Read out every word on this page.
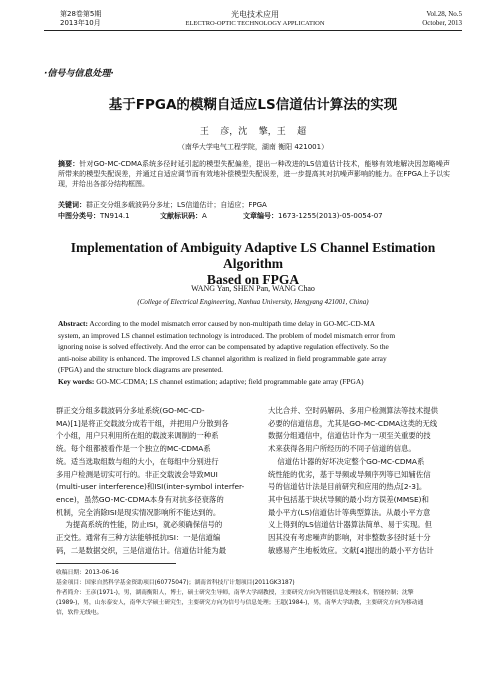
第28卷第5期
2013年10月
光电技术应用
ELECTRO-OPTIC TECHNOLOGY APPLICATION
Vol.28, No.5
October, 2013
·信号与信息处理·
基于FPGA的模糊自适应LS信道估计算法的实现
王    彦，沈    擎，王    超
（南华大学电气工程学院，湖南 衡阳 421001）
摘要：针对GO-MC-CDMA系统多径时延引起的模型失配偏差，提出一种改进的LS信道估计技术，能够有效地解决因忽略噪声所带来的模型失配误差，并通过自适应调节而有效地补偿模型失配误差，进一步提高其对抗噪声影响的能力。在FPGA上予以实现，并给出各部分结构框图。
关键词：群正交分组多载波码分多址；LS信道估计；自适应；FPGA
中图分类号：TN914.1	文献标识码：A	文章编号：1673-1255(2013)-05-0054-07
Implementation of Ambiguity Adaptive LS Channel Estimation Algorithm
Based on FPGA
WANG Yan, SHEN Pan, WANG Chao
(College of Electrical Engineering, Nanhua University, Hengyang 421001, China)
Abstract: According to the model mismatch error caused by non-multipath time delay in GO-MC-CD-MA
system, an improved LS channel estimation technology is introduced. The problem of model mismatch error from
ignoring noise is solved effectively. And the error can be compensated by adaptive regulation effectively. So the
anti-noise ability is enhanced. The improved LS channel algorithm is realized in field programmable gate array
(FPGA) and the structure block diagrams are presented.
Key words: GO-MC-CDMA; LS channel estimation; adaptive; field programmable gate array (FPGA)
群正交分组多载波码分多址系统(GO-MC-CD-
MA)[1]是将正交载波分成若干组，并把用户分散到各
个小组，用户只利用所在组的载波来调制的一种系
统。每个组都被看作是一个独立的MC-CDMA系
统。适当选取组数与组的大小，在每组中分别进行
多用户检测是切实可行的。非正交载波会导致MUI
(multi-user interference)和ISI(inter-symbol interfer-
ence)，虽然GO-MC-CDMA本身有对抗多径衰落的
机制，完全消除ISI是现实情况影响所不能达到的。
为提高系统的性能，防止ISI，就必须确保信号的
正交性。通常有三种方法能够抵抗ISI：一是信道编
码，二是数据交织，三是信道估计。信道估计能为最
大比合并、空时码解码、多用户检测算法等技术提供
必要的信道信息，尤其是GO-MC-CDMA这类的无线
数据分组通信中，信道估计作为一项至关重要的技
术来获得各用户所经历的不同子信道的信息。
信道估计器的好坏决定整个GO-MC-CDMA系
统性能的优劣，基于导频或导频序列等已知辅佐信
号的信道估计法是目前研究和应用的热点[2-3]。
其中包括基于块状导频的最小均方误差(MMSE)和
最小平方(LS)信道估计等典型算法。从最小平方意
义上得到的LS信道估计器算法简单、易于实现。但
因其没有考虑噪声的影响，对非整数多径时延十分
敏感易产生地板效应。文献[4]提出的最小平方估计
收稿日期：2013-06-16
基金项目：国家自然科学基金资助项目(60775047)；湖南省科技厅计划项目(2011GK3187)
作者简介：王彦(1971-)，男，湖南衡阳人，博士，硕士研究生导师，南华大学副教授，主要研究方向为智能信息处理技术，智能控制；沈擎
(1989-)，男，山东泰安人，南华大学硕士研究生，主要研究方向为信号与信息处理；王超(1984-)，男，南华大学助教，主要研究方向为移动通
信，软件无线电。
